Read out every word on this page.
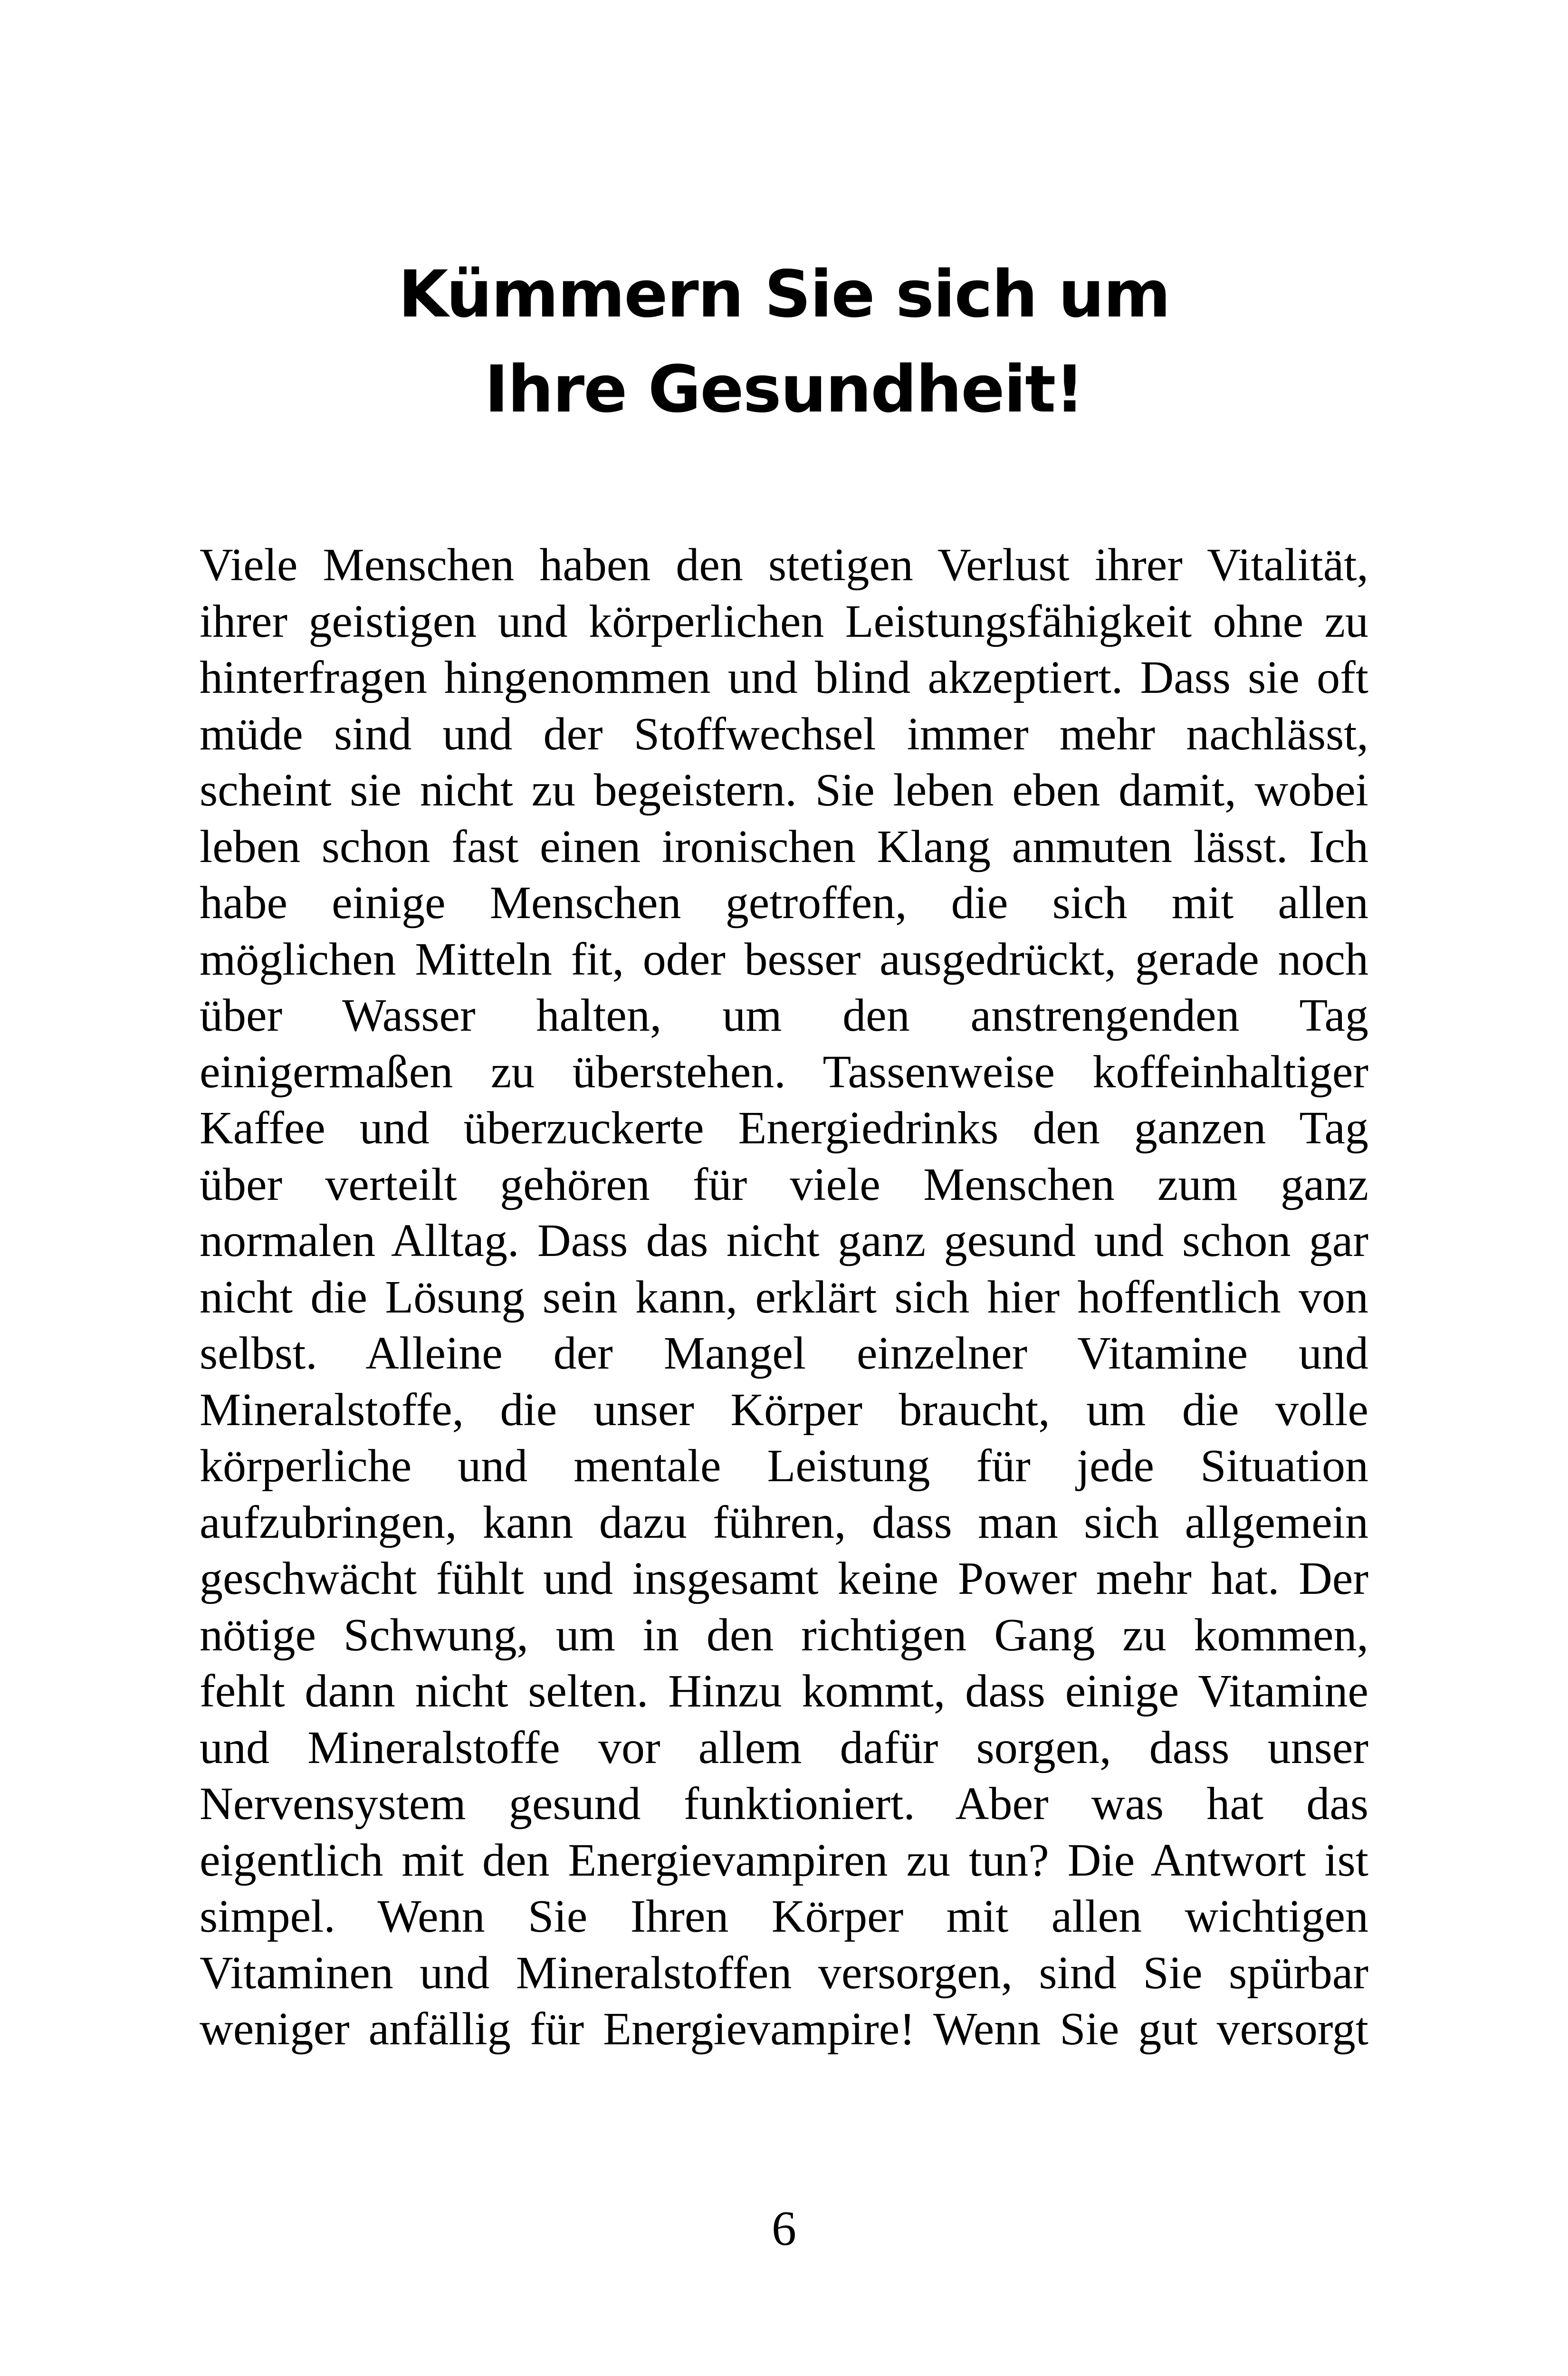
Kümmern Sie sich um
Ihre Gesundheit!
Viele Menschen haben den stetigen Verlust ihrer Vitalität,
ihrer geistigen und körperlichen Leistungsfähigkeit ohne zu
hinterfragen hingenommen und blind akzeptiert. Dass sie oft
müde sind und der Stoffwechsel immer mehr nachlässt,
scheint sie nicht zu begeistern. Sie leben eben damit, wobei
leben schon fast einen ironischen Klang anmuten lässt. Ich
habe einige Menschen getroffen, die sich mit allen
möglichen Mitteln fit, oder besser ausgedrückt, gerade noch
über Wasser halten, um den anstrengenden Tag
einigermaßen zu überstehen. Tassenweise koffeinhaltiger
Kaffee und überzuckerte Energiedrinks den ganzen Tag
über verteilt gehören für viele Menschen zum ganz
normalen Alltag. Dass das nicht ganz gesund und schon gar
nicht die Lösung sein kann, erklärt sich hier hoffentlich von
selbst. Alleine der Mangel einzelner Vitamine und
Mineralstoffe, die unser Körper braucht, um die volle
körperliche und mentale Leistung für jede Situation
aufzubringen, kann dazu führen, dass man sich allgemein
geschwächt fühlt und insgesamt keine Power mehr hat. Der
nötige Schwung, um in den richtigen Gang zu kommen,
fehlt dann nicht selten. Hinzu kommt, dass einige Vitamine
und Mineralstoffe vor allem dafür sorgen, dass unser
Nervensystem gesund funktioniert. Aber was hat das
eigentlich mit den Energievampiren zu tun? Die Antwort ist
simpel. Wenn Sie Ihren Körper mit allen wichtigen
Vitaminen und Mineralstoffen versorgen, sind Sie spürbar
weniger anfällig für Energievampire! Wenn Sie gut versorgt
6
